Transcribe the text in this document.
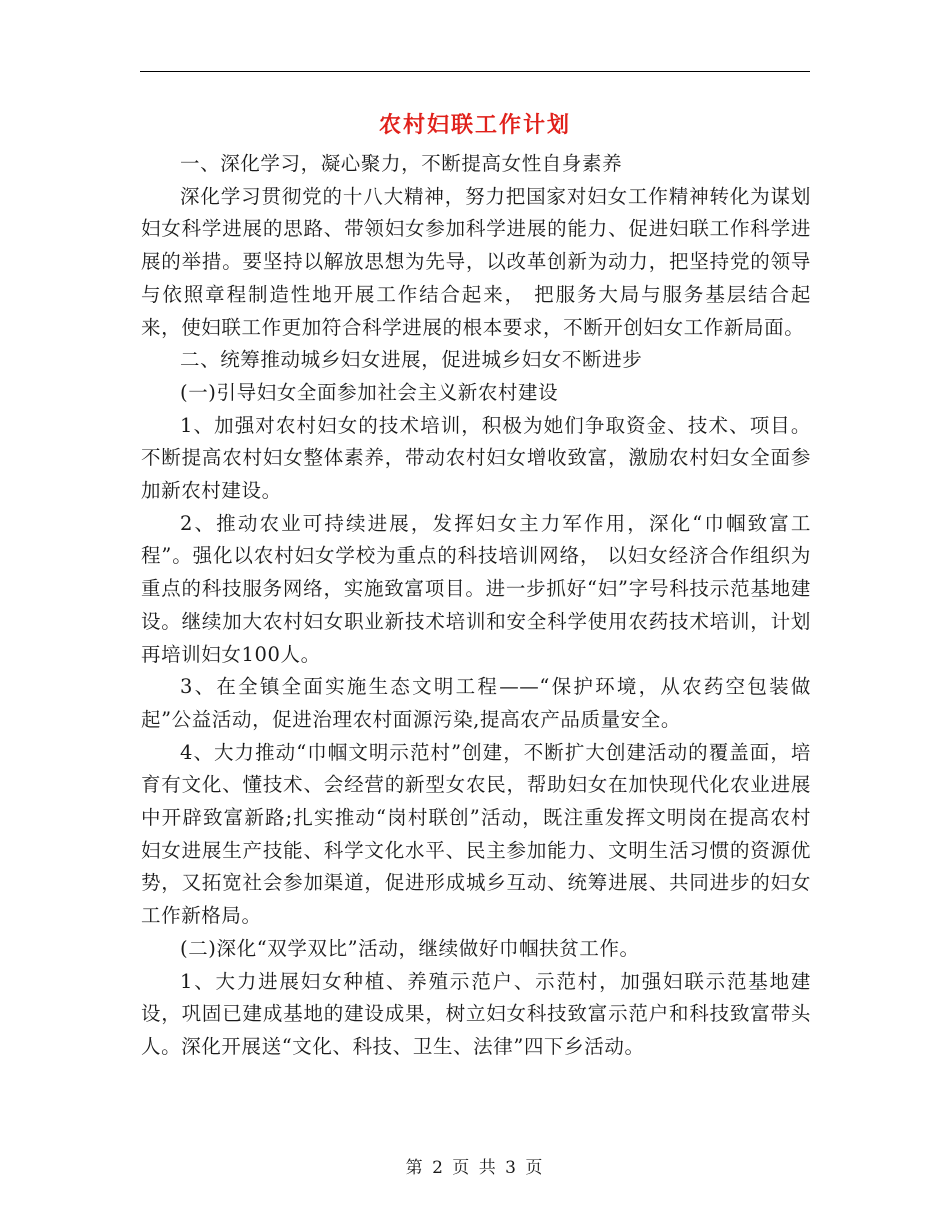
农村妇联工作计划

一、深化学习，凝心聚力，不断提高女性自身素养

深化学习贯彻党的十八大精神，努力把国家对妇女工作精神转化为谋划妇女科学进展的思路、带领妇女参加科学进展的能力、促进妇联工作科学进展的举措。要坚持以解放思想为先导，以改革创新为动力，把坚持党的领导与依照章程制造性地开展工作结合起来， 把服务大局与服务基层结合起来，使妇联工作更加符合科学进展的根本要求，不断开创妇女工作新局面。

二、统筹推动城乡妇女进展，促进城乡妇女不断进步

(一)引导妇女全面参加社会主义新农村建设

1、加强对农村妇女的技术培训，积极为她们争取资金、技术、项目。不断提高农村妇女整体素养，带动农村妇女增收致富，激励农村妇女全面参加新农村建设。

2、推动农业可持续进展，发挥妇女主力军作用，深化“巾帼致富工程”。强化以农村妇女学校为重点的科技培训网络， 以妇女经济合作组织为重点的科技服务网络，实施致富项目。进一步抓好“妇”字号科技示范基地建设。继续加大农村妇女职业新技术培训和安全科学使用农药技术培训，计划再培训妇女100人。

3、在全镇全面实施生态文明工程——“保护环境，从农药空包装做起”公益活动，促进治理农村面源污染,提高农产品质量安全。

4、大力推动“巾帼文明示范村”创建，不断扩大创建活动的覆盖面，培育有文化、懂技术、会经营的新型女农民，帮助妇女在加快现代化农业进展中开辟致富新路;扎实推动“岗村联创”活动，既注重发挥文明岗在提高农村妇女进展生产技能、科学文化水平、民主参加能力、文明生活习惯的资源优势，又拓宽社会参加渠道，促进形成城乡互动、统筹进展、共同进步的妇女工作新格局。

(二)深化“双学双比”活动，继续做好巾帼扶贫工作。

1、大力进展妇女种植、养殖示范户、示范村，加强妇联示范基地建设，巩固已建成基地的建设成果，树立妇女科技致富示范户和科技致富带头人。深化开展送“文化、科技、卫生、法律”四下乡活动。

第 2 页 共 3 页
